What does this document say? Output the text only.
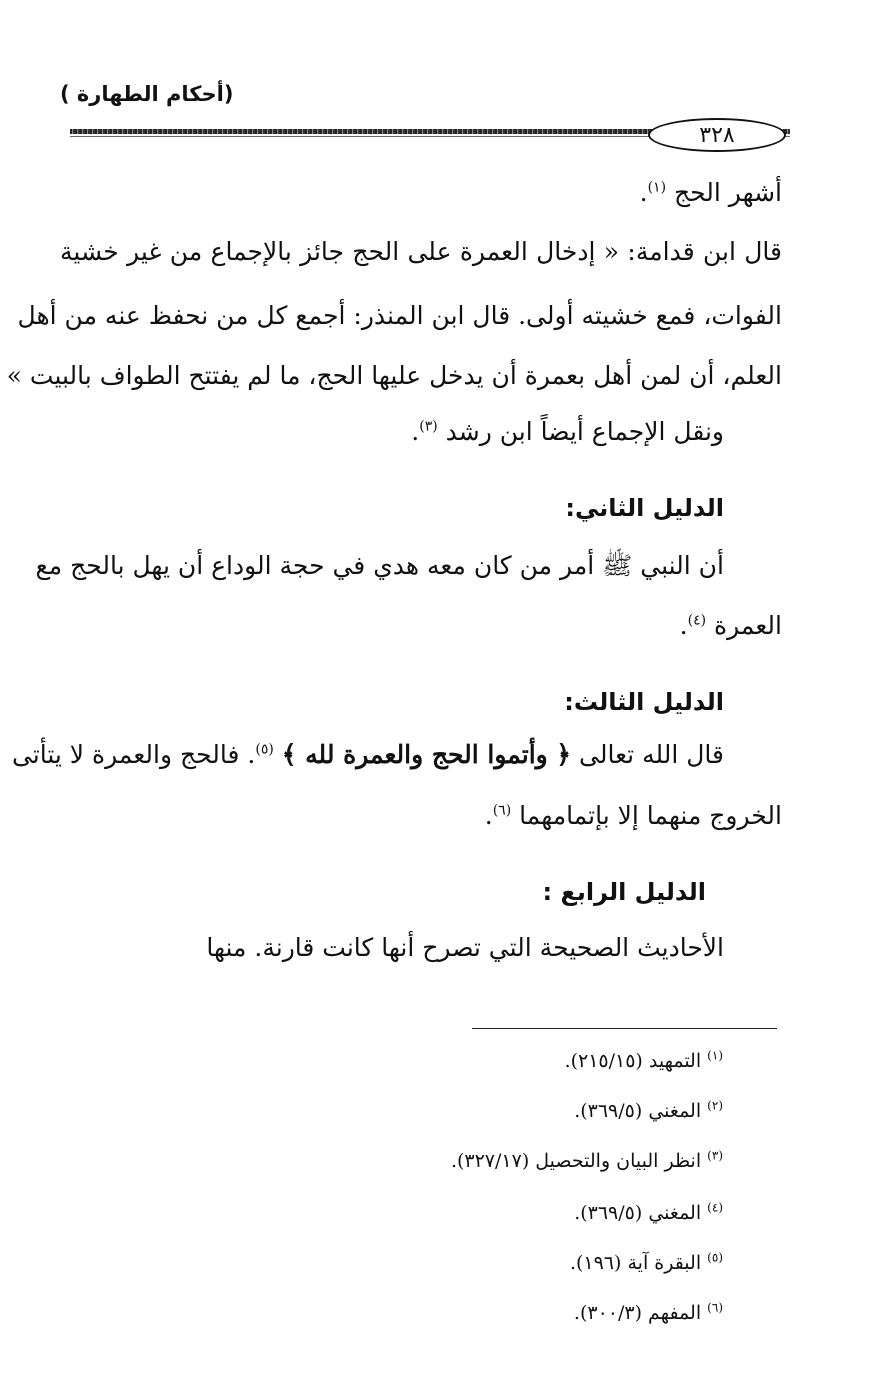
(أحكام الطهارة )
٣٢٨
أشهر الحج $^{(١)}$.
قال ابن قدامة: « إدخال العمرة على الحج جائز بالإجماع من غير خشية
الفوات، فمع خشيته أولى. قال ابن المنذر: أجمع كل من نحفظ عنه من أهل
العلم، أن لمن أهل بعمرة أن يدخل عليها الحج، ما لم يفتتح الطواف بالبيت »
ونقل الإجماع أيضاً ابن رشد $^{(٣)}$.
الدليل الثاني:
أن النبي ﷺ أمر من كان معه هدي في حجة الوداع أن يهل بالحج مع
العمرة $^{(٤)}$.
الدليل الثالث:
قال الله تعالى ﴿ وأتموا الحج والعمرة لله ﴾ $^{(٥)}$. فالحج والعمرة لا يتأتى
الخروج منهما إلا بإتمامهما $^{(٦)}$.
الدليل الرابع :
الأحاديث الصحيحة التي تصرح أنها كانت قارنة. منها
$^{(١)}$ التمهيد (٢١٥/١٥).
$^{(٢)}$ المغني (٣٦٩/٥).
$^{(٣)}$ انظر البيان والتحصيل (٣٢٧/١٧).
$^{(٤)}$ المغني (٣٦٩/٥).
$^{(٥)}$ البقرة آية (١٩٦).
$^{(٦)}$ المفهم (٣٠٠/٣).
